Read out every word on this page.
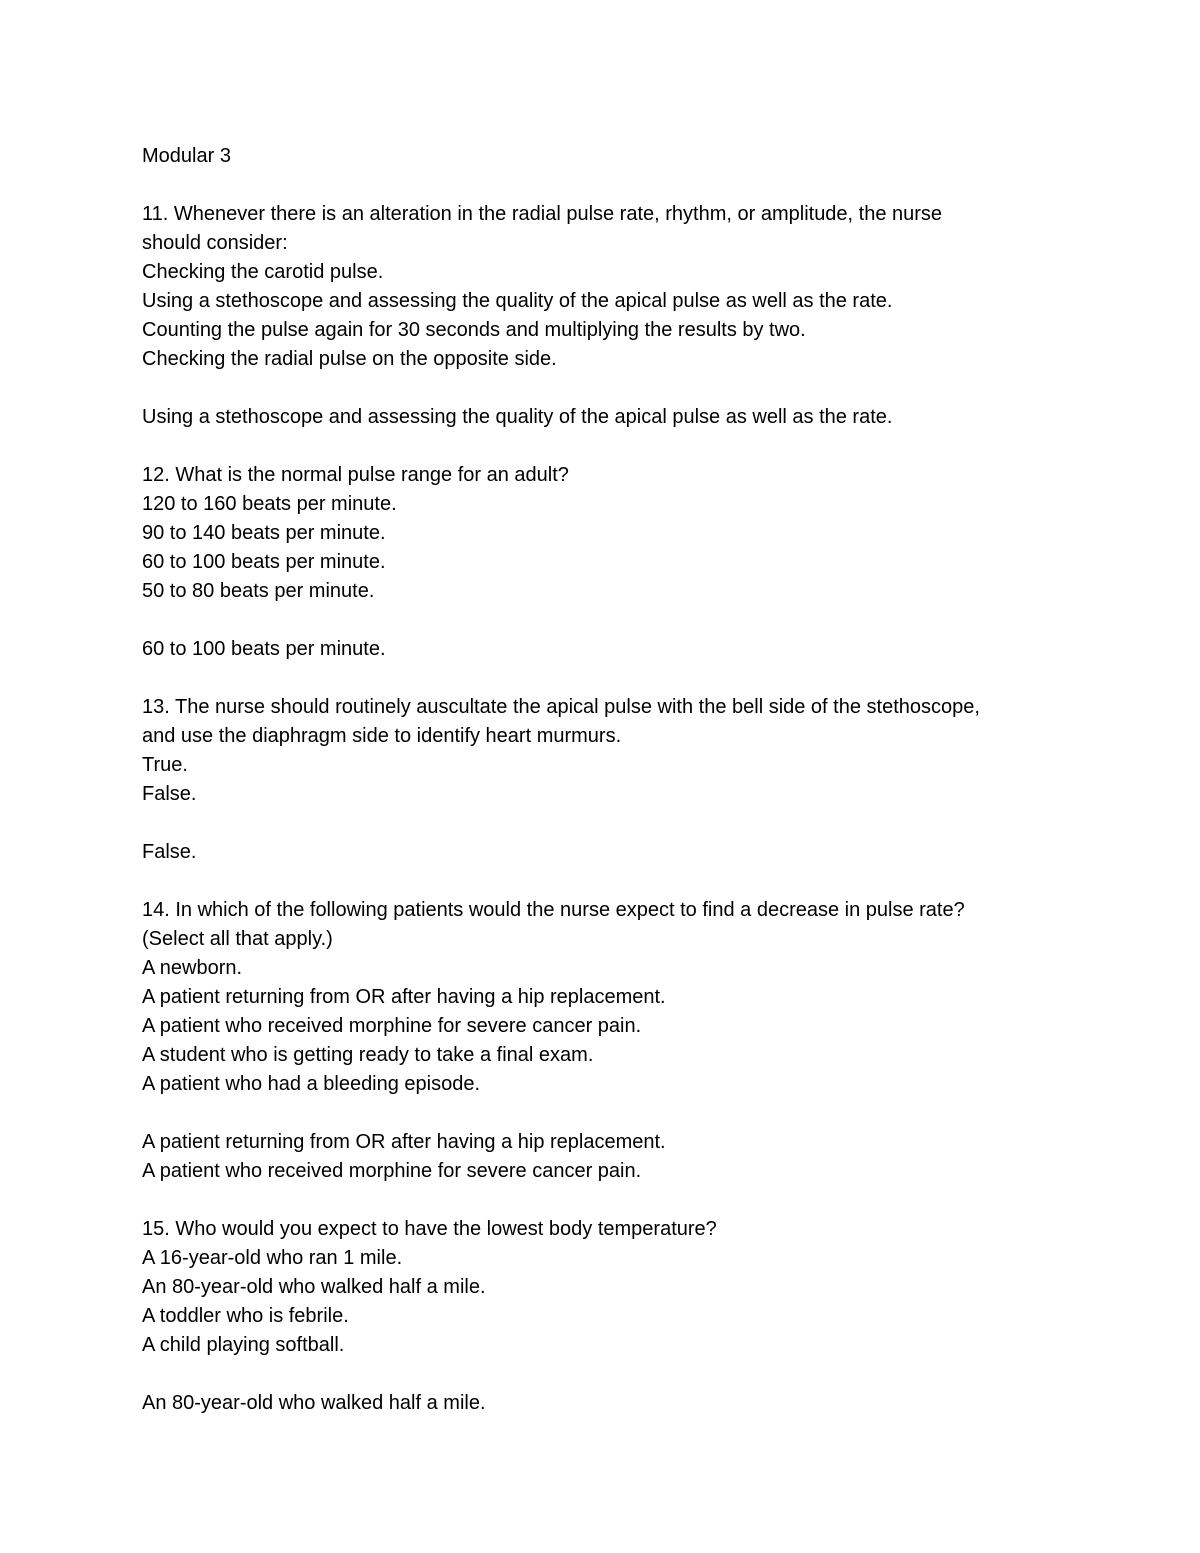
Modular 3
11. Whenever there is an alteration in the radial pulse rate, rhythm, or amplitude, the nurse
should consider:
Checking the carotid pulse.
Using a stethoscope and assessing the quality of the apical pulse as well as the rate.
Counting the pulse again for 30 seconds and multiplying the results by two.
Checking the radial pulse on the opposite side.
Using a stethoscope and assessing the quality of the apical pulse as well as the rate.
12. What is the normal pulse range for an adult?
120 to 160 beats per minute.
90 to 140 beats per minute.
60 to 100 beats per minute.
50 to 80 beats per minute.
60 to 100 beats per minute.
13. The nurse should routinely auscultate the apical pulse with the bell side of the stethoscope,
and use the diaphragm side to identify heart murmurs.
True.
False.
False.
14. In which of the following patients would the nurse expect to find a decrease in pulse rate?
(Select all that apply.)
A newborn.
A patient returning from OR after having a hip replacement.
A patient who received morphine for severe cancer pain.
A student who is getting ready to take a final exam.
A patient who had a bleeding episode.
A patient returning from OR after having a hip replacement.
A patient who received morphine for severe cancer pain.
15. Who would you expect to have the lowest body temperature?
A 16-year-old who ran 1 mile.
An 80-year-old who walked half a mile.
A toddler who is febrile.
A child playing softball.
An 80-year-old who walked half a mile.
